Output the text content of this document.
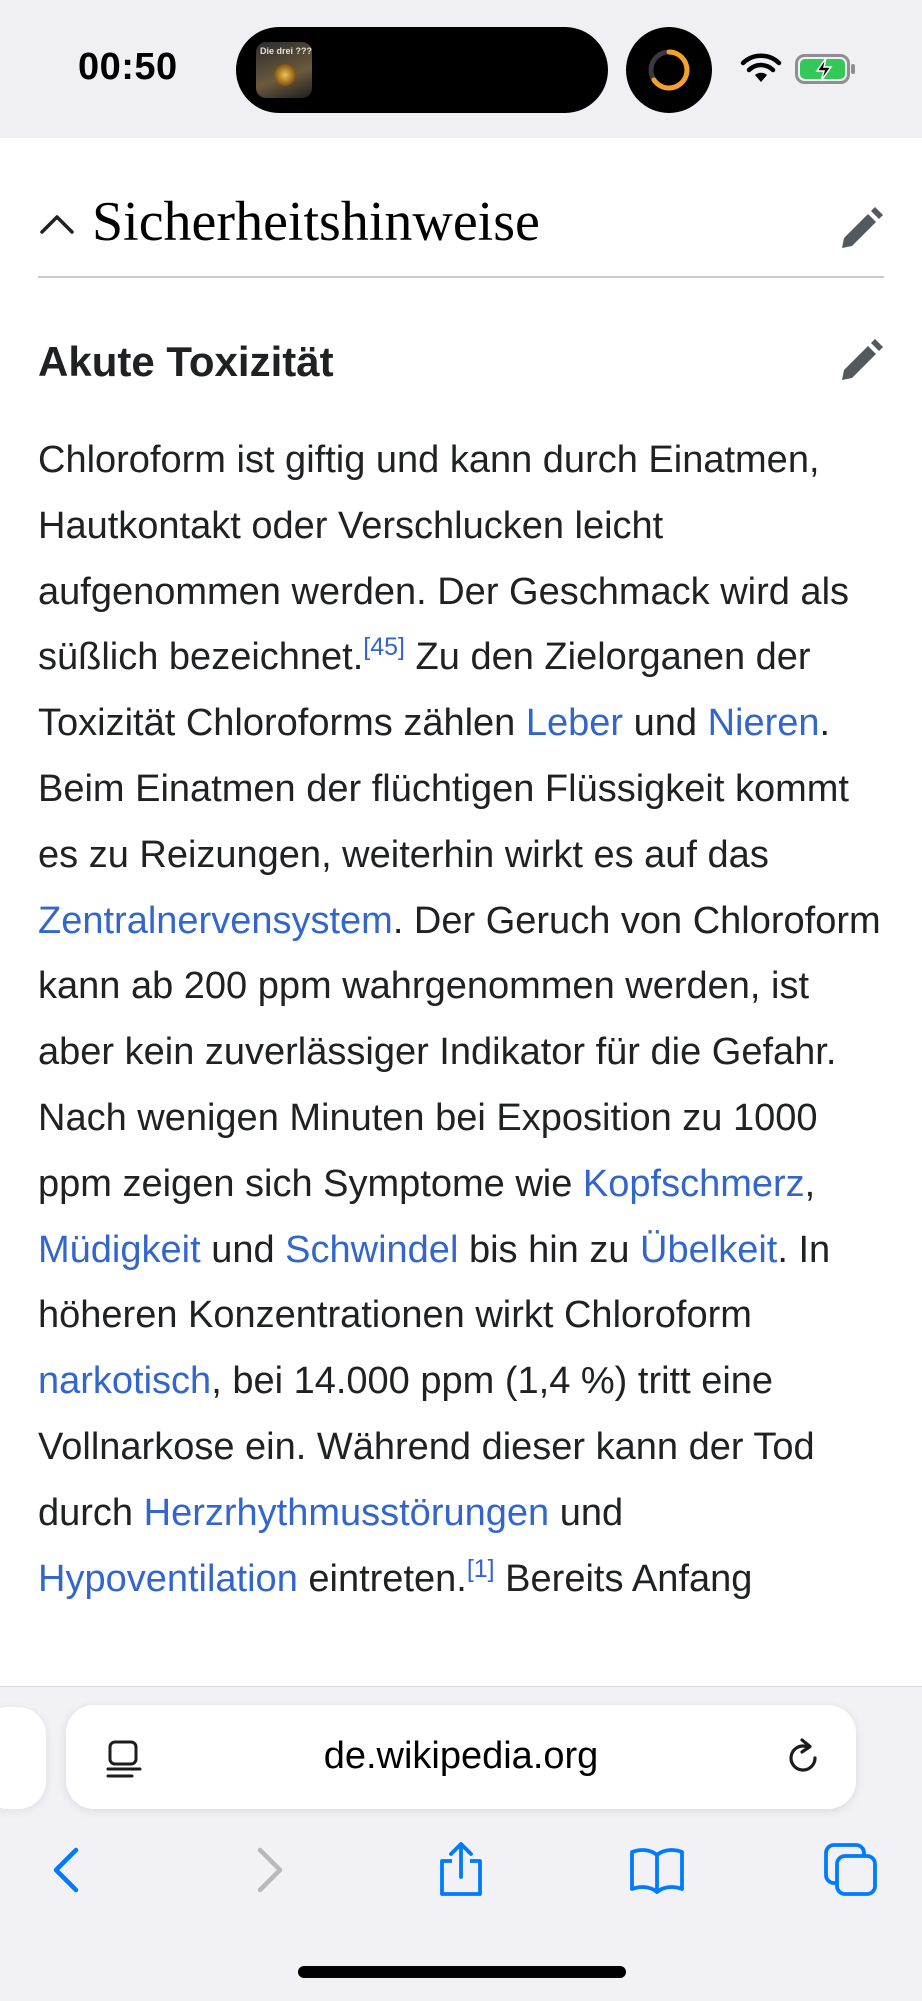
00:50	Die drei ???
Sicherheitshinweise
Akute Toxizität

Chloroform ist giftig und kann durch Einatmen, Hautkontakt oder Verschlucken leicht aufgenommen werden. Der Geschmack wird als süßlich bezeichnet.[45] Zu den Zielorganen der Toxizität Chloroforms zählen Leber und Nieren. Beim Einatmen der flüchtigen Flüssigkeit kommt es zu Reizungen, weiterhin wirkt es auf das Zentralnervensystem. Der Geruch von Chloroform kann ab 200 ppm wahrgenommen werden, ist aber kein zuverlässiger Indikator für die Gefahr. Nach wenigen Minuten bei Exposition zu 1000 ppm zeigen sich Symptome wie Kopfschmerz, Müdigkeit und Schwindel bis hin zu Übelkeit. In höheren Konzentrationen wirkt Chloroform narkotisch, bei 14.000 ppm (1,4 %) tritt eine Vollnarkose ein. Während dieser kann der Tod durch Herzrhythmusstörungen und Hypoventilation eintreten.[1] Bereits Anfang

de.wikipedia.org
